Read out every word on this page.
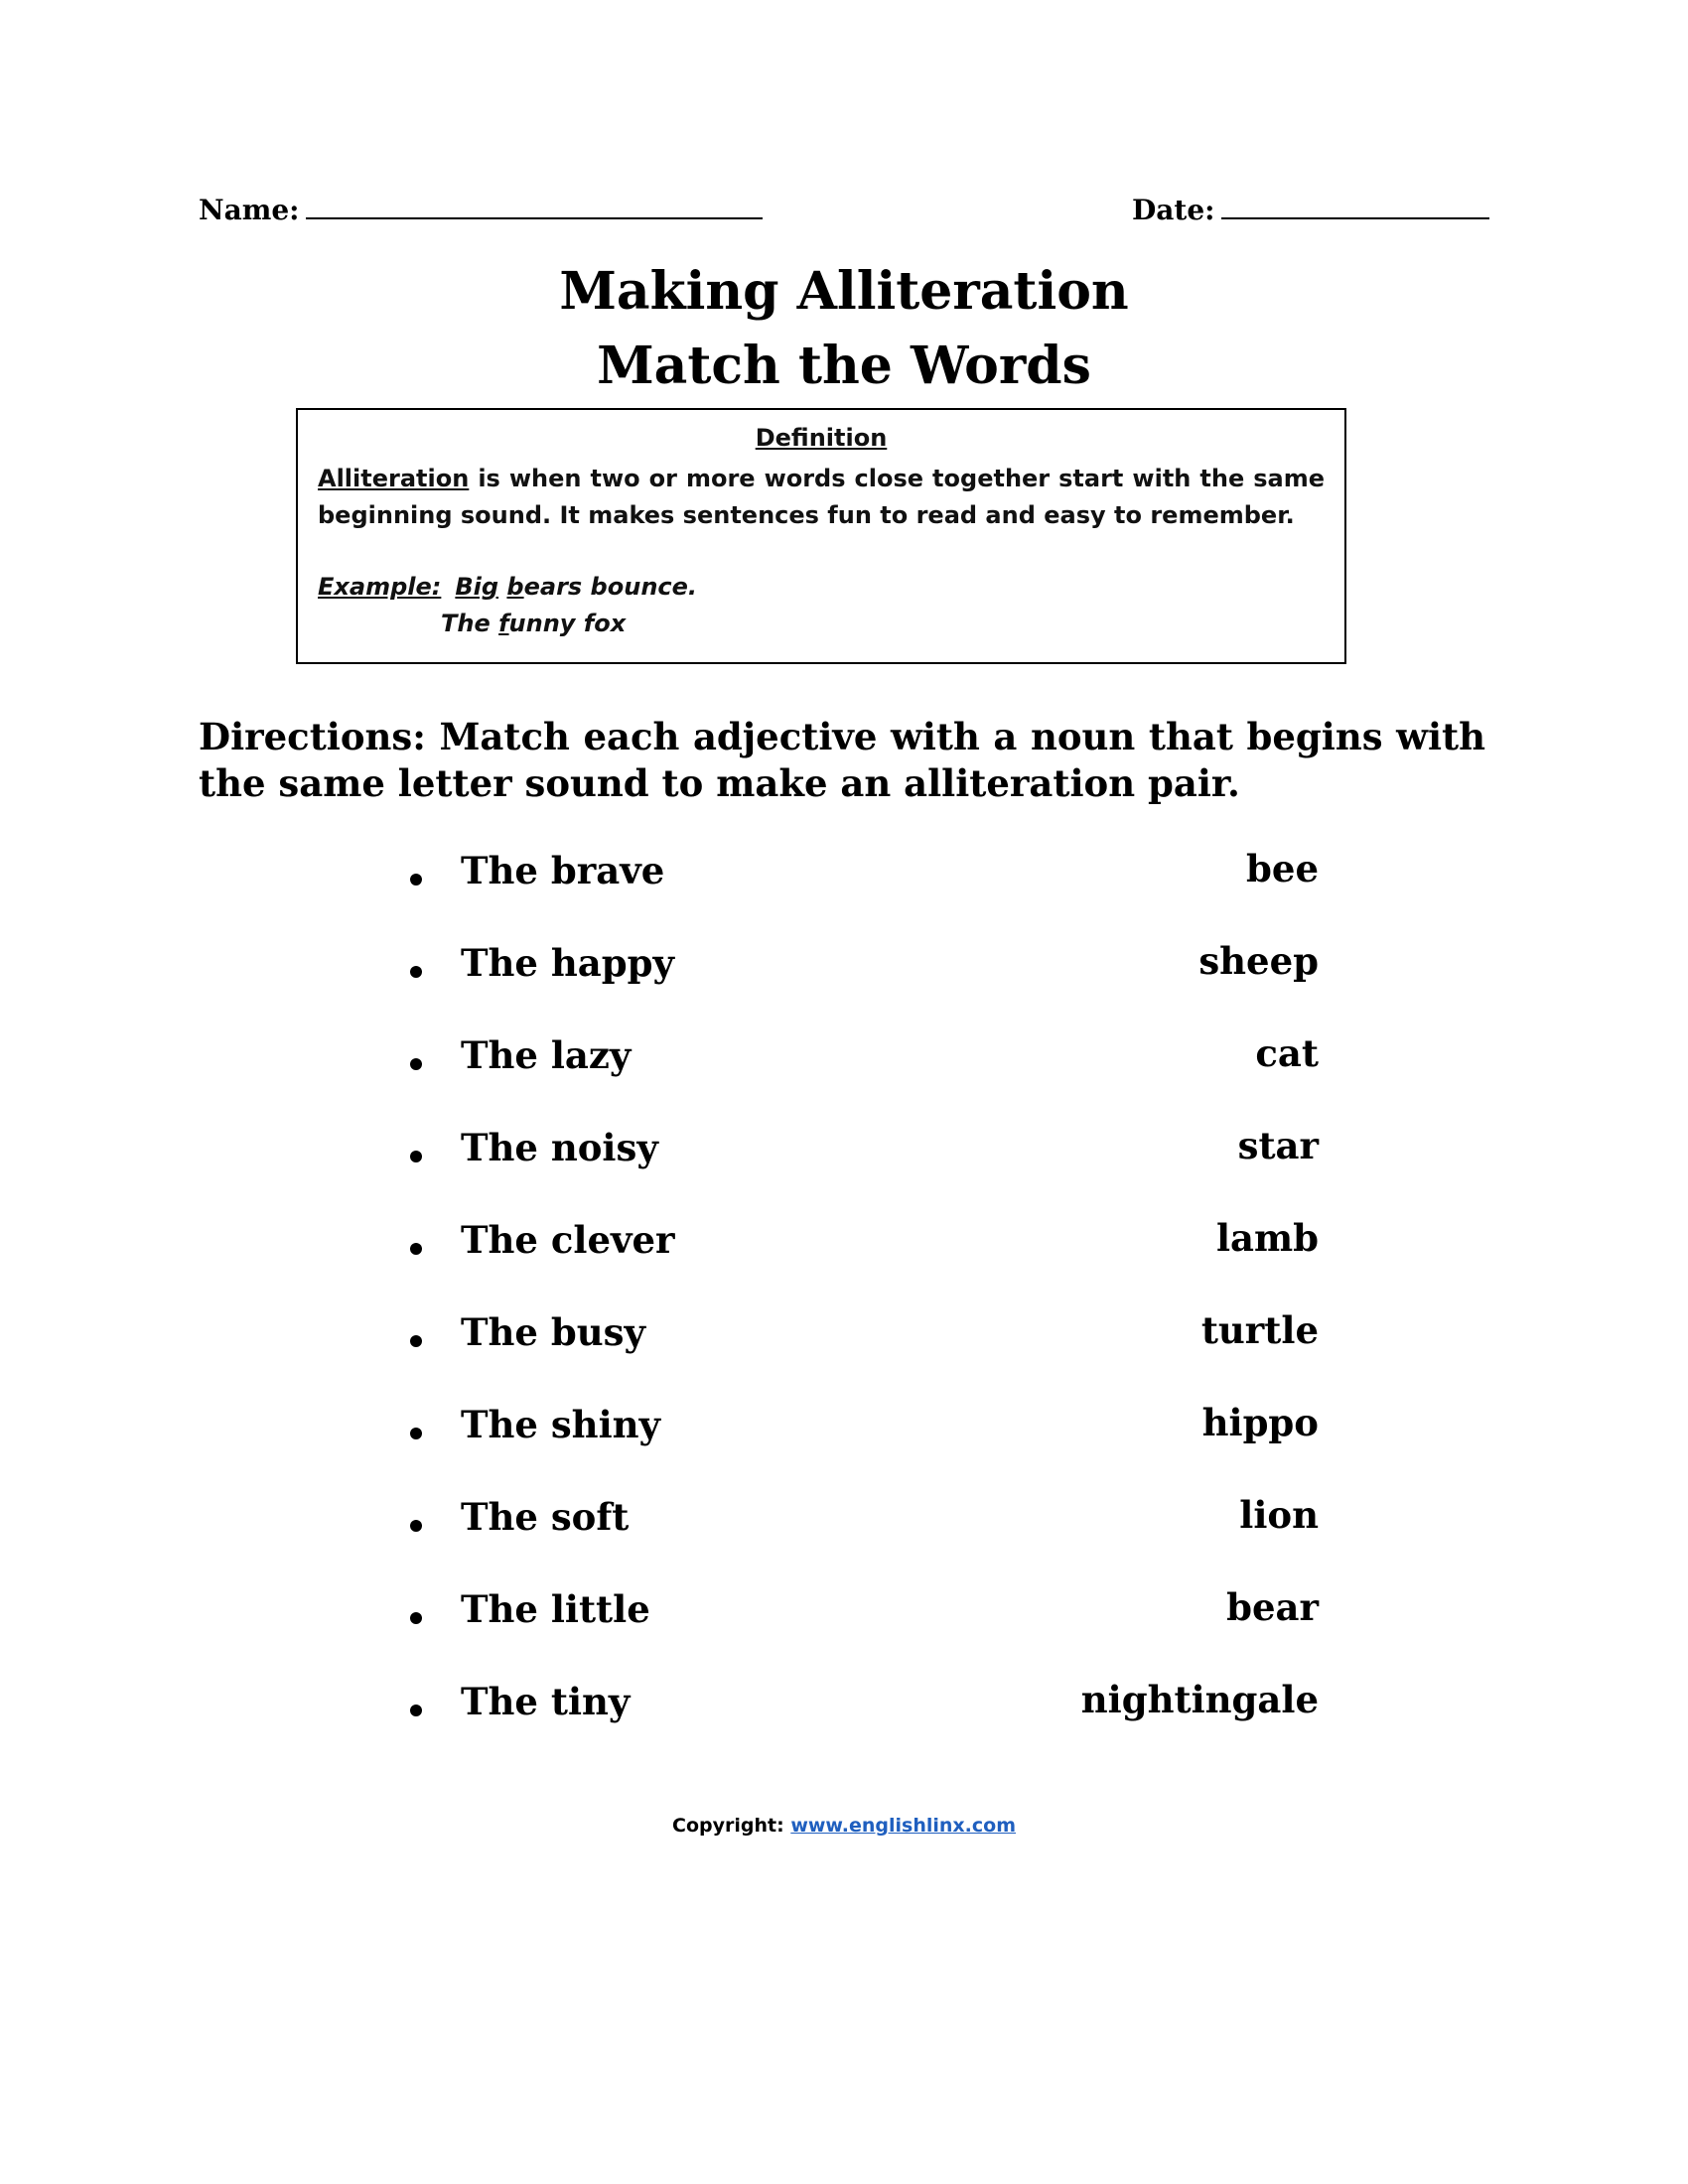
Name:	Date:
Making Alliteration
Match the Words
Definition
Alliteration is when two or more words close together start with the same beginning sound. It makes sentences fun to read and easy to remember.
Example: Big bears bounce.
The funny fox
Directions: Match each adjective with a noun that begins with the same letter sound to make an alliteration pair.
The brave	bee
The happy	sheep
The lazy	cat
The noisy	star
The clever	lamb
The busy	turtle
The shiny	hippo
The soft	lion
The little	bear
The tiny	nightingale
Copyright: www.englishlinx.com
